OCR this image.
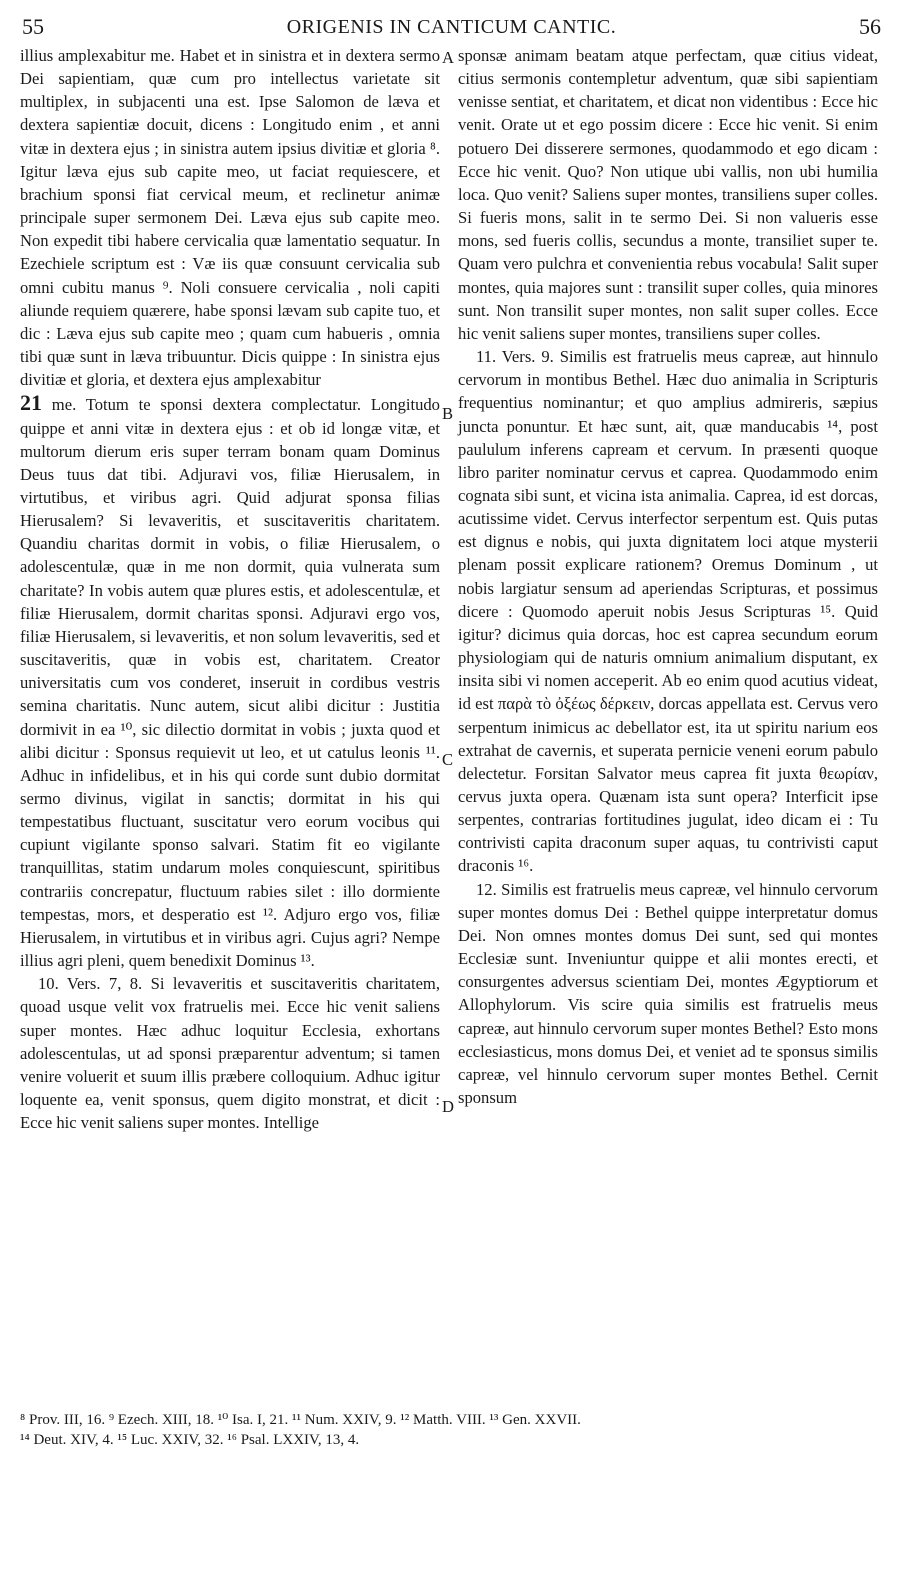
55	ORIGENIS IN CANTICUM CANTIC.	56

illius amplexabitur me. Habet et in sinistra et in dextera sermo Dei sapientiam, quæ cum pro intellectus varietate sit multiplex, in subjacenti una est. Ipse Salomon de læva et dextera sapientiæ docuit, dicens : Longitudo enim , et anni vitæ in dextera ejus ; in sinistra autem ipsius divitiæ et gloria ⁸. Igitur læva ejus sub capite meo, ut faciat requiescere, et brachium sponsi fiat cervical meum, et reclinetur animæ principale super sermonem Dei. Læva ejus sub capite meo. Non expedit tibi habere cervicalia quæ lamentatio sequatur. In Ezechiele scriptum est : Væ iis quæ consuunt cervicalia sub omni cubitu manus ⁹. Noli consuere cervicalia , noli capiti aliunde requiem quærere, habe sponsi lævam sub capite tuo, et dic : Læva ejus sub capite meo ; quam cum habueris , omnia tibi quæ sunt in læva tribuuntur. Dicis quippe : In sinistra ejus divitiæ et gloria, et dextera ejus amplexabitur

21 me. Totum te sponsi dextera complectatur. Longitudo quippe et anni vitæ in dextera ejus : et ob id longæ vitæ, et multorum dierum eris super terram bonam quam Dominus Deus tuus dat tibi. Adjuravi vos, filiæ Hierusalem, in virtutibus, et viribus agri. Quid adjurat sponsa filias Hierusalem? Si levaveritis, et suscitaveritis charitatem. Quandiu charitas dormit in vobis, o filiæ Hierusalem, o adolescentulæ, quæ in me non dormit, quia vulnerata sum charitate? In vobis autem quæ plures estis, et adolescentulæ, et filiæ Hierusalem, dormit charitas sponsi. Adjuravi ergo vos, filiæ Hierusalem, si levaveritis, et non solum levaveritis, sed et suscitaveritis, quæ in vobis est, charitatem. Creator universitatis cum vos conderet, inseruit in cordibus vestris semina charitatis. Nunc autem, sicut alibi dicitur : Justitia dormivit in ea ¹⁰, sic dilectio dormitat in vobis ; juxta quod et alibi dicitur : Sponsus requievit ut leo, et ut catulus leonis ¹¹. Adhuc in infidelibus, et in his qui corde sunt dubio dormitat sermo divinus, vigilat in sanctis; dormitat in his qui tempestatibus fluctuant, suscitatur vero eorum vocibus qui cupiunt vigilante sponso salvari. Statim fit eo vigilante tranquillitas, statim undarum moles conquiescunt, spiritibus contrariis concrepatur, fluctuum rabies silet : illo dormiente tempestas, mors, et desperatio est ¹². Adjuro ergo vos, filiæ Hierusalem, in virtutibus et in viribus agri. Cujus agri? Nempe illius agri pleni, quem benedixit Dominus ¹³.

10. Vers. 7, 8. Si levaveritis et suscitaveritis charitatem, quoad usque velit vox fratruelis mei. Ecce hic venit saliens super montes. Hæc adhuc loquitur Ecclesia, exhortans adolescentulas, ut ad sponsi præparentur adventum; si tamen venire voluerit et suum illis præbere colloquium. Adhuc igitur loquente ea, venit sponsus, quem digito monstrat, et dicit : Ecce hic venit saliens super montes. Intellige

sponsæ animam beatam atque perfectam, quæ citius videat, citius sermonis contempletur adventum, quæ sibi sapientiam venisse sentiat, et charitatem, et dicat non videntibus : Ecce hic venit. Orate ut et ego possim dicere : Ecce hic venit. Si enim potuero Dei disserere sermones, quodammodo et ego dicam : Ecce hic venit. Quo? Non utique ubi vallis, non ubi humilia loca. Quo venit? Saliens super montes, transiliens super colles. Si fueris mons, salit in te sermo Dei. Si non valueris esse mons, sed fueris collis, secundus a monte, transiliet super te. Quam vero pulchra et convenientia rebus vocabula! Salit super montes, quia majores sunt : transilit super colles, quia minores sunt. Non transilit super montes, non salit super colles. Ecce hic venit saliens super montes, transiliens super colles.

11. Vers. 9. Similis est fratruelis meus capreæ, aut hinnulo cervorum in montibus Bethel. Hæc duo animalia in Scripturis frequentius nominantur; et quo amplius admireris, sæpius juncta ponuntur. Et hæc sunt, ait, quæ manducabis ¹⁴, post paululum inferens capream et cervum. In præsenti quoque libro pariter nominatur cervus et caprea. Quodammodo enim cognata sibi sunt, et vicina ista animalia. Caprea, id est dorcas, acutissime videt. Cervus interfector serpentum est. Quis putas est dignus e nobis, qui juxta dignitatem loci atque mysterii plenam possit explicare rationem? Oremus Dominum , ut nobis largiatur sensum ad aperiendas Scripturas, et possimus dicere : Quomodo aperuit nobis Jesus Scripturas ¹⁵. Quid igitur? dicimus quia dorcas, hoc est caprea secundum eorum physiologiam qui de naturis omnium animalium disputant, ex insita sibi vi nomen acceperit. Ab eo enim quod acutius videat, id est παρὰ τὸ ὀξέως δέρκειν, dorcas appellata est. Cervus vero serpentum inimicus ac debellator est, ita ut spiritu narium eos extrahat de cavernis, et superata pernicie veneni eorum pabulo delectetur. Forsitan Salvator meus caprea fit juxta θεωρίαν, cervus juxta opera. Quænam ista sunt opera? Interficit ipse serpentes, contrarias fortitudines jugulat, ideo dicam ei : Tu contrivisti capita draconum super aquas, tu contrivisti caput draconis ¹⁶.

12. Similis est fratruelis meus capreæ, vel hinnulo cervorum super montes domus Dei : Bethel quippe interpretatur domus Dei. Non omnes montes domus Dei sunt, sed qui montes Ecclesiæ sunt. Inveniuntur quippe et alii montes erecti, et consurgentes adversus scientiam Dei, montes Ægyptiorum et Allophylorum. Vis scire quia similis est fratruelis meus capreæ, aut hinnulo cervorum super montes Bethel? Esto mons ecclesiasticus, mons domus Dei, et veniet ad te sponsus similis capreæ, vel hinnulo cervorum super montes Bethel. Cernit sponsum

A
B
C
D
⁸ Prov. III, 16. ⁹ Ezech. XIII, 18. ¹⁰ Isa. I, 21. ¹¹ Num. XXIV, 9. ¹² Matth. VIII. ¹³ Gen. XXVII.
¹⁴ Deut. XIV, 4. ¹⁵ Luc. XXIV, 32. ¹⁶ Psal. LXXIV, 13, 4.
